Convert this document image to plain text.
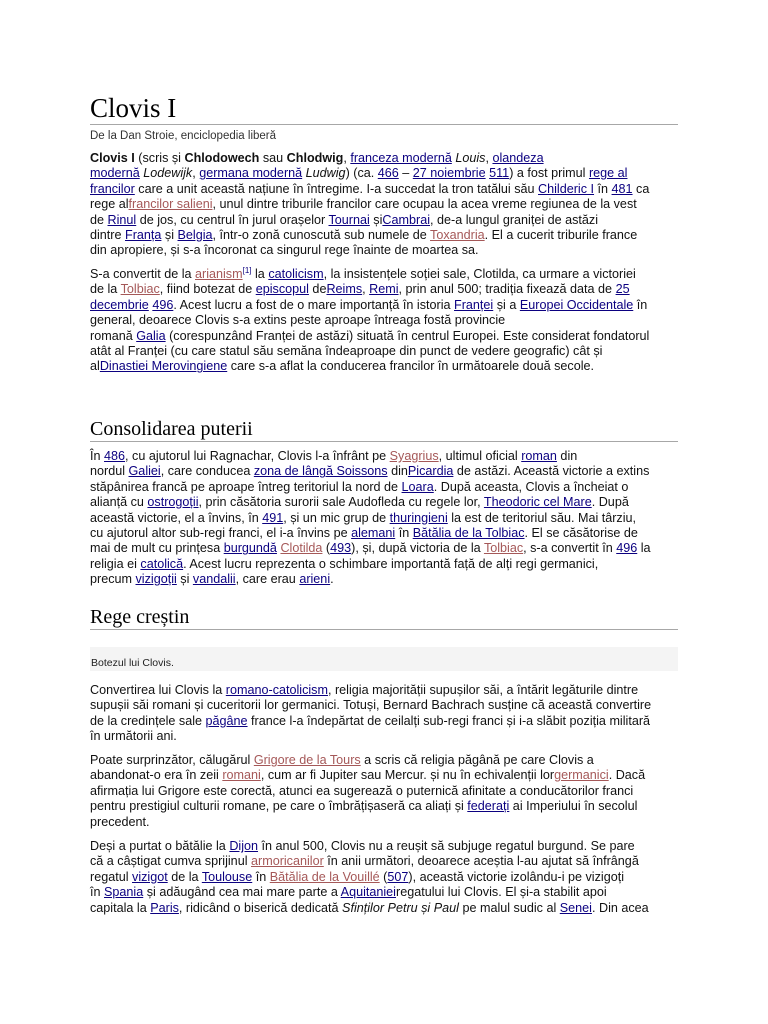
Clovis I
De la Dan Stroie, enciclopedia liberă
Clovis I (scris și Chlodowech sau Chlodwig, franceza modernă Louis, olandeza
modernă Lodewijk, germana modernă Ludwig) (ca. 466 – 27 noiembrie 511) a fost primul rege al
francilor care a unit această națiune în întregime. I-a succedat la tron tatălui său Childeric I în 481 ca
rege alfrancilor salieni, unul dintre triburile francilor care ocupau la acea vreme regiunea de la vest
de Rinul de jos, cu centrul în jurul orașelor Tournai șiCambrai, de-a lungul graniței de astăzi
dintre Franța și Belgia, într-o zonă cunoscută sub numele de Toxandria. El a cucerit triburile france
din apropiere, și s-a încoronat ca singurul rege înainte de moartea sa.
S-a convertit de la arianism[1] la catolicism, la insistențele soției sale, Clotilda, ca urmare a victoriei
de la Tolbiac, fiind botezat de episcopul deReims, Remi, prin anul 500; tradiția fixează data de 25
decembrie 496. Acest lucru a fost de o mare importanță în istoria Franței și a Europei Occidentale în
general, deoarece Clovis s-a extins peste aproape întreaga fostă provincie
romană Galia (corespunzând Franței de astăzi) situată în centrul Europei. Este considerat fondatorul
atât al Franței (cu care statul său semăna îndeaproape din punct de vedere geografic) cât și
alDinastiei Merovingiene care s-a aflat la conducerea francilor în următoarele două secole.
Consolidarea puterii
În 486, cu ajutorul lui Ragnachar, Clovis l-a înfrânt pe Syagrius, ultimul oficial roman din
nordul Galiei, care conducea zona de lângă Soissons dinPicardia de astăzi. Această victorie a extins
stăpânirea francă pe aproape întreg teritoriul la nord de Loara. După aceasta, Clovis a încheiat o
alianță cu ostrogoții, prin căsătoria surorii sale Audofleda cu regele lor, Theodoric cel Mare. După
această victorie, el a învins, în 491, și un mic grup de thuringieni la est de teritoriul său. Mai târziu,
cu ajutorul altor sub-regi franci, el i-a învins pe alemani în Bătălia de la Tolbiac. El se căsătorise de
mai de mult cu prințesa burgundă Clotilda (493), și, după victoria de la Tolbiac, s-a convertit în 496 la
religia ei catolică. Acest lucru reprezenta o schimbare importantă față de alți regi germanici,
precum vizigoții și vandalii, care erau arieni.
Rege creștin
Botezul lui Clovis.
Convertirea lui Clovis la romano-catolicism, religia majorității supușilor săi, a întărit legăturile dintre
supușii săi romani și cuceritorii lor germanici. Totuși, Bernard Bachrach susține că această convertire
de la credințele sale păgâne france l-a îndepărtat de ceilalți sub-regi franci și i-a slăbit poziția militară
în următorii ani.
Poate surprinzător, călugărul Grigore de la Tours a scris că religia păgână pe care Clovis a
abandonat-o era în zeii romani, cum ar fi Jupiter sau Mercur. și nu în echivalenții lorgermanici. Dacă
afirmația lui Grigore este corectă, atunci ea sugerează o puternică afinitate a conducătorilor franci
pentru prestigiul culturii romane, pe care o îmbrățișaseră ca aliați și federați ai Imperiului în secolul
precedent.
Deși a purtat o bătălie la Dijon în anul 500, Clovis nu a reușit să subjuge regatul burgund. Se pare
că a câștigat cumva sprijinul armoricanilor în anii următori, deoarece aceștia l-au ajutat să înfrângă
regatul vizigot de la Toulouse în Bătălia de la Vouillé (507), această victorie izolându-i pe vizigoți
în Spania și adăugând cea mai mare parte a Aquitanieiregatului lui Clovis. El și-a stabilit apoi
capitala la Paris, ridicând o biserică dedicată Sfinților Petru și Paul pe malul sudic al Senei. Din acea
